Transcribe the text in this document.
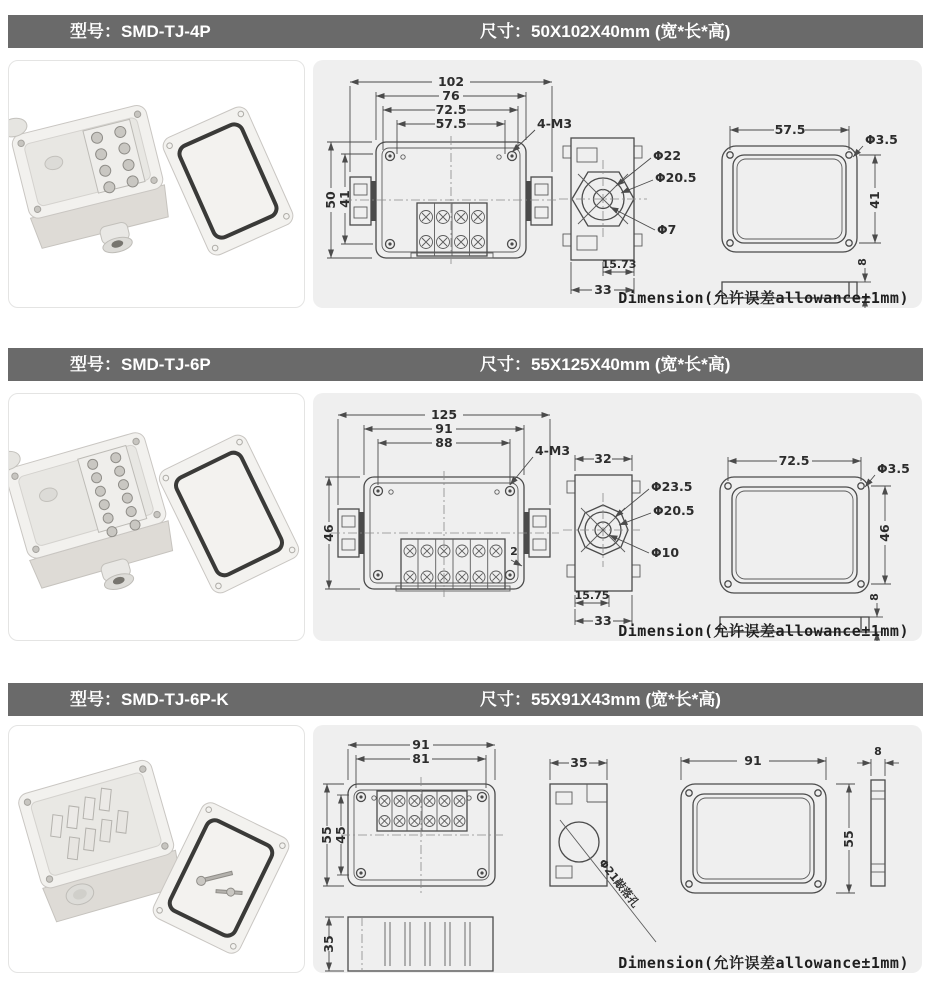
型号：SMD-TJ-4P	尺寸：50X102X40mm (宽*长*高)
102
76
72.5
57.5	4-M3
50 41
Φ22
Φ20.5
Φ7
15.73
33
57.5
Φ3.5
41
8
Dimension(允许误差allowance±1mm)
型号：SMD-TJ-6P	尺寸：55X125X40mm (宽*长*高)
125
91
88
4-M3
46
2
32
Φ23.5
Φ20.5
Φ10
15.75
33
72.5
Φ3.5
46
8
Dimension(允许误差allowance±1mm)
型号：SMD-TJ-6P-K	尺寸：55X91X43mm (宽*长*高)
91
81
55 45
35
35
Φ21敲落孔
91
55
8
Dimension(允许误差allowance±1mm)
